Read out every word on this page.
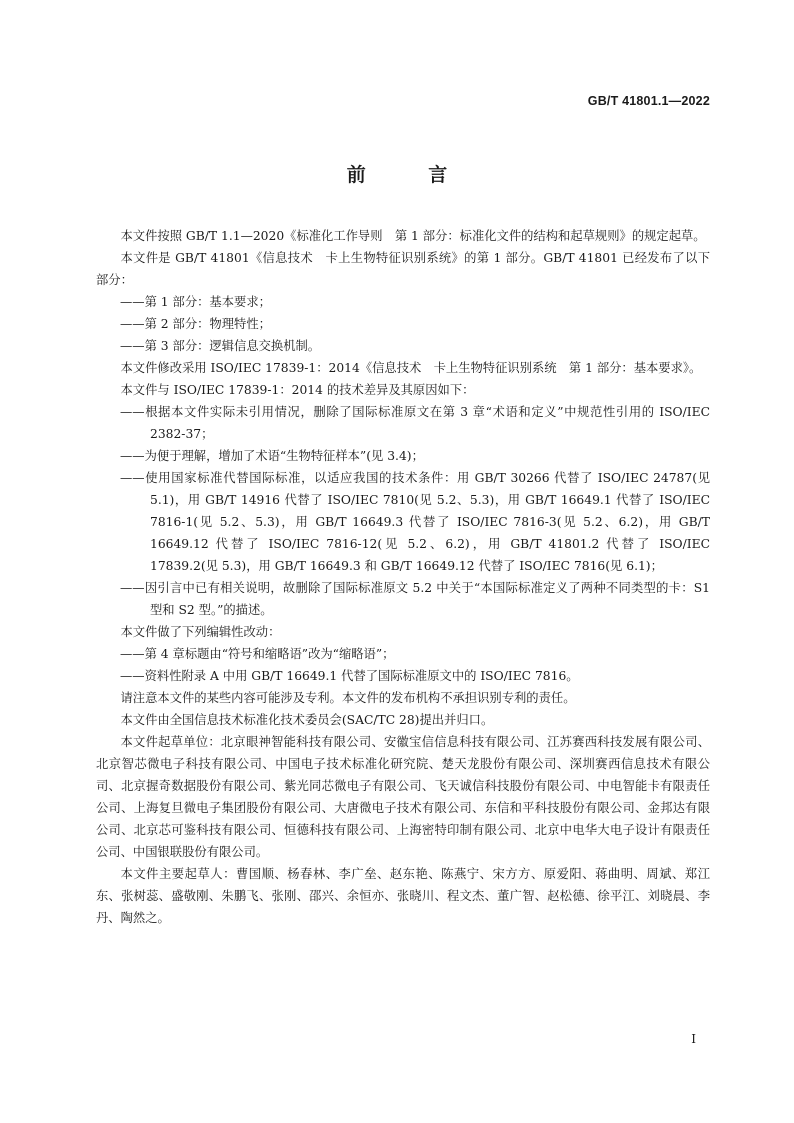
GB/T 41801.1—2022
前 言

本文件按照 GB/T 1.1—2020《标准化工作导则　第 1 部分：标准化文件的结构和起草规则》的规定起草。

本文件是 GB/T 41801《信息技术　卡上生物特征识别系统》的第 1 部分。GB/T 41801 已经发布了以下部分：

——第 1 部分：基本要求；

——第 2 部分：物理特性；

——第 3 部分：逻辑信息交换机制。

本文件修改采用 ISO/IEC 17839-1：2014《信息技术　卡上生物特征识别系统　第 1 部分：基本要求》。

本文件与 ISO/IEC 17839-1：2014 的技术差异及其原因如下：

——根据本文件实际未引用情况，删除了国际标准原文在第 3 章“术语和定义”中规范性引用的 ISO/IEC 2382-37；

——为便于理解，增加了术语“生物特征样本”(见 3.4)；

——使用国家标准代替国际标准，以适应我国的技术条件：用 GB/T 30266 代替了 ISO/IEC 24787(见 5.1)，用 GB/T 14916 代替了 ISO/IEC 7810(见 5.2、5.3)，用 GB/T 16649.1 代替了 ISO/IEC 7816-1(见 5.2、5.3)，用 GB/T 16649.3 代替了 ISO/IEC 7816-3(见 5.2、6.2)，用 GB/T 16649.12 代替了 ISO/IEC 7816-12(见 5.2、6.2)，用 GB/T 41801.2 代替了 ISO/IEC 17839.2(见 5.3)，用 GB/T 16649.3 和 GB/T 16649.12 代替了 ISO/IEC 7816(见 6.1)；

——因引言中已有相关说明，故删除了国际标准原文 5.2 中关于“本国际标准定义了两种不同类型的卡：S1 型和 S2 型。”的描述。

本文件做了下列编辑性改动：

——第 4 章标题由“符号和缩略语”改为“缩略语”；

——资料性附录 A 中用 GB/T 16649.1 代替了国际标准原文中的 ISO/IEC 7816。

请注意本文件的某些内容可能涉及专利。本文件的发布机构不承担识别专利的责任。

本文件由全国信息技术标准化技术委员会(SAC/TC 28)提出并归口。

本文件起草单位：北京眼神智能科技有限公司、安徽宝信信息科技有限公司、江苏赛西科技发展有限公司、北京智芯微电子科技有限公司、中国电子技术标准化研究院、楚天龙股份有限公司、深圳赛西信息技术有限公司、北京握奇数据股份有限公司、紫光同芯微电子有限公司、飞天诚信科技股份有限公司、中电智能卡有限责任公司、上海复旦微电子集团股份有限公司、大唐微电子技术有限公司、东信和平科技股份有限公司、金邦达有限公司、北京芯可鉴科技有限公司、恒德科技有限公司、上海密特印制有限公司、北京中电华大电子设计有限责任公司、中国银联股份有限公司。

本文件主要起草人：曹国顺、杨春林、李广垒、赵东艳、陈燕宁、宋方方、原爱阳、蒋曲明、周斌、郑江东、张树蕊、盛敬刚、朱鹏飞、张刚、邵兴、余恒亦、张晓川、程文杰、董广智、赵松德、徐平江、刘晓晨、李丹、陶然之。

I
